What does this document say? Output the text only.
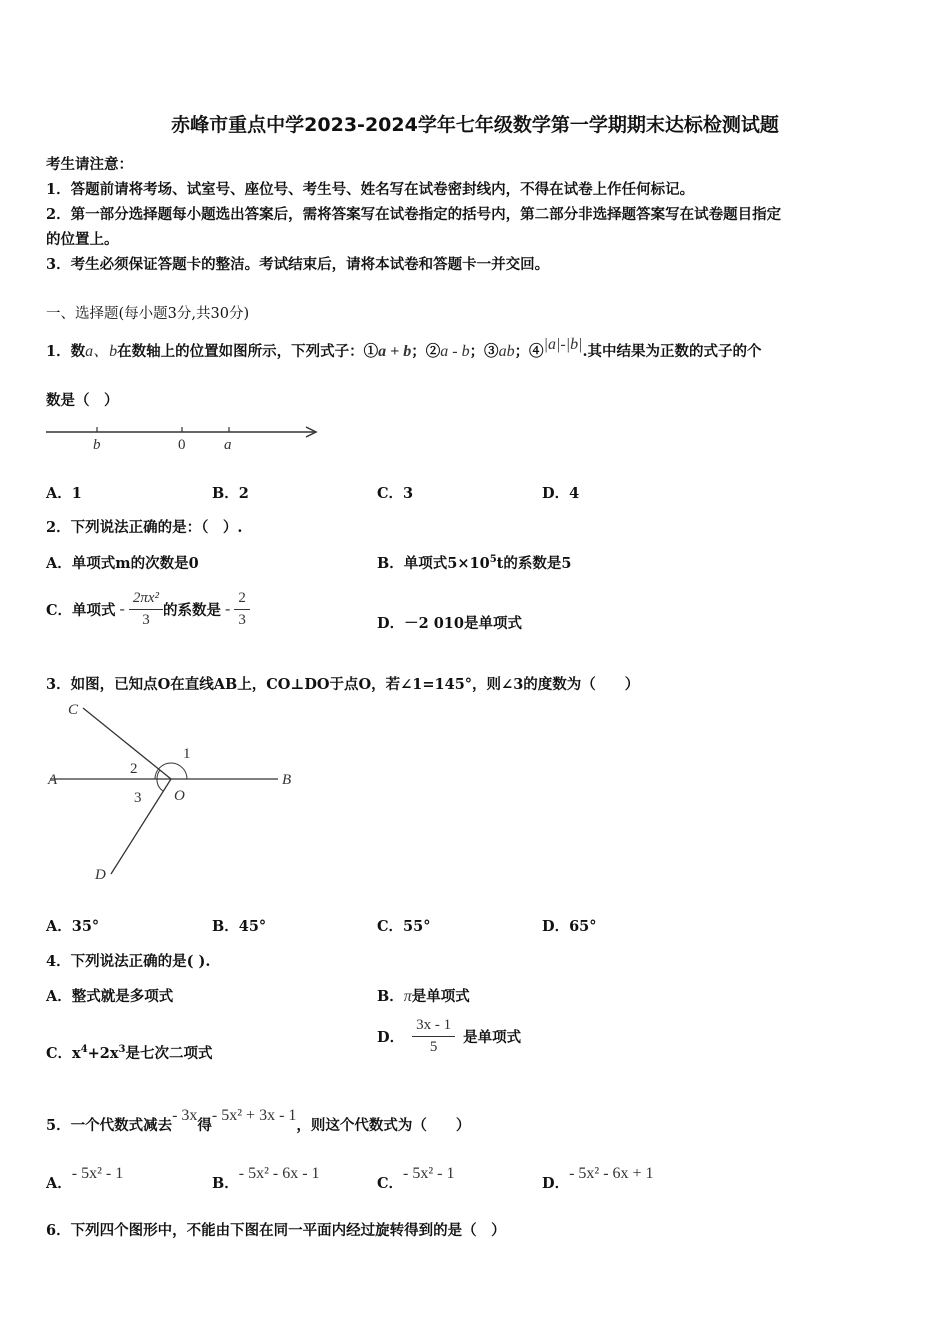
赤峰市重点中学2023-2024学年七年级数学第一学期期末达标检测试题
考生请注意：
1．答题前请将考场、试室号、座位号、考生号、姓名写在试卷密封线内，不得在试卷上作任何标记。
2．第一部分选择题每小题选出答案后，需将答案写在试卷指定的括号内，第二部分非选择题答案写在试卷题目指定
的位置上。
3．考生必须保证答题卡的整洁。考试结束后，请将本试卷和答题卡一并交回。
一、选择题(每小题3分,共30分)
1．数a、b在数轴上的位置如图所示，下列式子：①a + b；②a - b；③ab；④|a|-|b|.其中结果为正数的式子的个
数是（　）
b	0	a
A．1	B．2	C．3	D．4
2．下列说法正确的是：（　）.
A．单项式m的次数是0	B．单项式$5\times 10^5t$的系数是5
C．单项式 - $\frac{\text{2πx²}}{3}$ 的系数是 - $\frac{2}{3}$	D．－2 010是单项式
3．如图，已知点O在直线AB上，CO⊥DO于点O，若∠1=145°，则∠3的度数为（　　）
C
A	B
D
O
1
2
3
A．35°	B．45°	C．55°	D．65°
4．下列说法正确的是( ).
A．整式就是多项式	B．π是单项式
C．$x^4+2x^3$是七次二项式
D． $\frac{3x - 1}{5}$ 是单项式
5．一个代数式减去- 3x得- 5x² + 3x - 1，则这个代数式为（　　）
A．- 5x² - 1
B．- 5x² - 6x - 1
C．- 5x² - 1
D．- 5x² - 6x + 1
6．下列四个图形中，不能由下图在同一平面内经过旋转得到的是（　）
